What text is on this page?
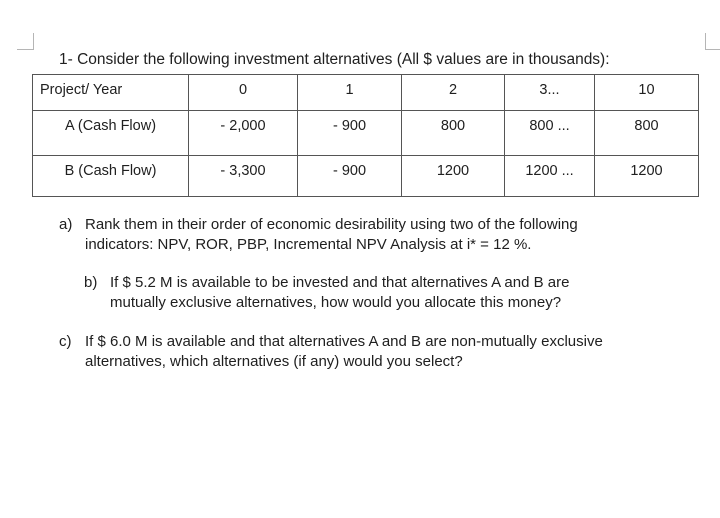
1- Consider the following investment alternatives (All $ values are in thousands):
Project/ Year	0	1	2	3...	10

A (Cash Flow)	- 2,000	- 900	800	800 ...	800

B (Cash Flow)	- 3,300	- 900	1200	1200 ...	1200
a) Rank them in their order of economic desirability using two of the following
indicators: NPV, ROR, PBP, Incremental NPV Analysis at i* = 12 %.
b) If $ 5.2 M is available to be invested and that alternatives A and B are
mutually exclusive alternatives, how would you allocate this money?
c) If $ 6.0 M is available and that alternatives A and B are non-mutually exclusive
alternatives, which alternatives (if any) would you select?
